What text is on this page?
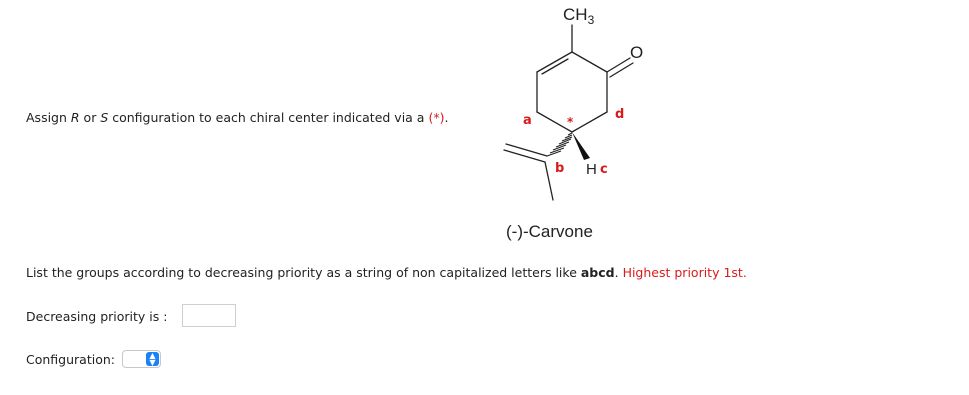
Assign R or S configuration to each chiral center indicated via a (*).
$CH_3$
O
a	d
*
b H c
(-)-Carvone
List the groups according to decreasing priority as a string of non capitalized letters like abcd. Highest priority 1st.
Decreasing priority is :
Configuration:	▲
▼
